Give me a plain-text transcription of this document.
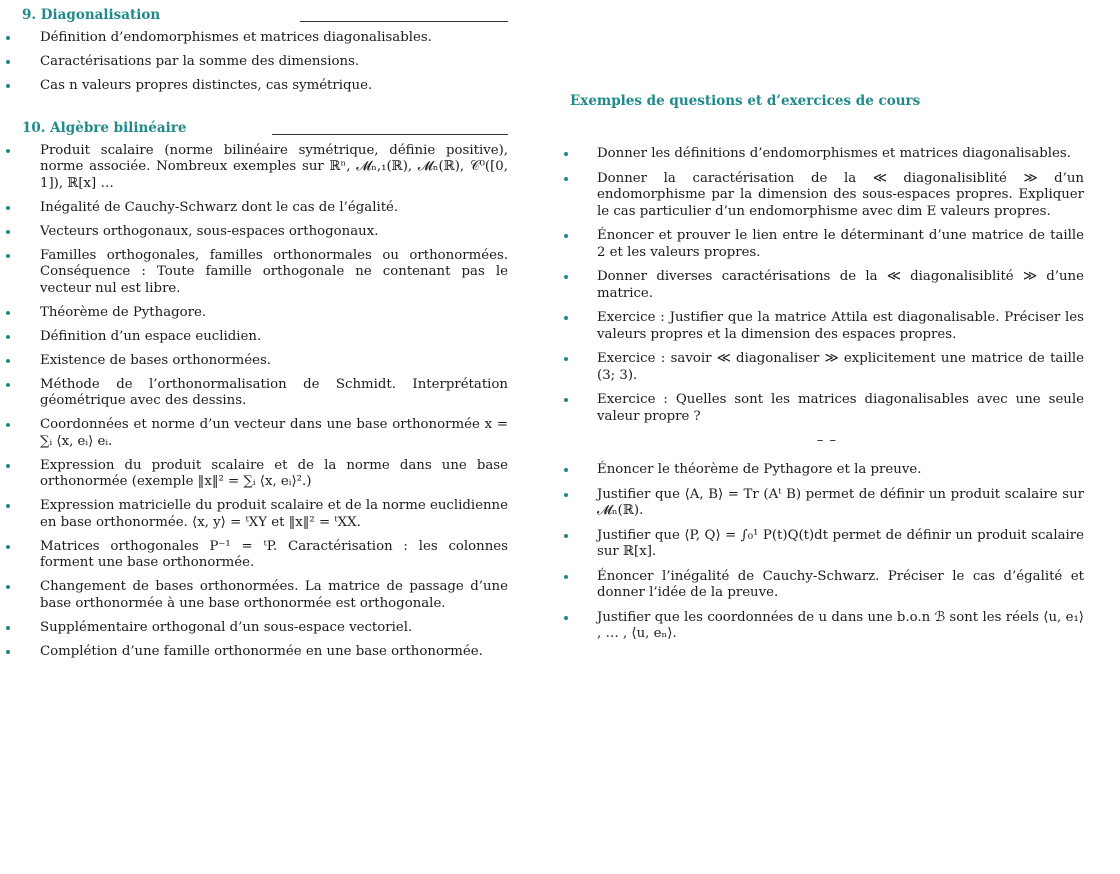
9. Diagonalisation
Définition d’endomorphismes et matrices diagonalisables.
Caractérisations par la somme des dimensions.
Cas n valeurs propres distinctes, cas symétrique.
10. Algèbre bilinéaire
Produit scalaire (norme bilinéaire symétrique, définie positive), norme associée. Nombreux exemples sur ℝⁿ, 𝓜ₙ,₁(ℝ), 𝓜ₙ(ℝ), 𝒞⁰([0, 1]), ℝ[x] …
Inégalité de Cauchy-Schwarz dont le cas de l’égalité.
Vecteurs orthogonaux, sous-espaces orthogonaux.
Familles orthogonales, familles orthonormales ou orthonormées. Conséquence : Toute famille orthogonale ne contenant pas le vecteur nul est libre.
Théorème de Pythagore.
Définition d’un espace euclidien.
Existence de bases orthonormées.
Méthode de l’orthonormalisation de Schmidt. Interprétation géométrique avec des dessins.
Coordonnées et norme d’un vecteur dans une base orthonormée x = ∑ᵢ ⟨x, eᵢ⟩ eᵢ.
Expression du produit scalaire et de la norme dans une base orthonormée (exemple ‖x‖² = ∑ᵢ ⟨x, eᵢ⟩².)
Expression matricielle du produit scalaire et de la norme euclidienne en base orthonormée. ⟨x, y⟩ = ᵗXY et ‖x‖² = ᵗXX.
Matrices orthogonales P⁻¹ = ᵗP. Caractérisation : les colonnes forment une base orthonormée.
Changement de bases orthonormées. La matrice de passage d’une base orthonormée à une base orthonormée est orthogonale.
Supplémentaire orthogonal d’un sous-espace vectoriel.
Complétion d’une famille orthonormée en une base orthonormée.
Exemples de questions et d’exercices de cours
Donner les définitions d’endomorphismes et matrices diagonalisables.
Donner la caractérisation de la ≪ diagonalisiblité ≫ d’un endomorphisme par la dimension des sous-espaces propres. Expliquer le cas particulier d’un endomorphisme avec dim E valeurs propres.
Énoncer et prouver le lien entre le déterminant d’une matrice de taille 2 et les valeurs propres.
Donner diverses caractérisations de la ≪ diagonalisiblité ≫ d’une matrice.
Exercice : Justifier que la matrice Attila est diagonalisable. Préciser les valeurs propres et la dimension des espaces propres.
Exercice : savoir ≪ diagonaliser ≫ explicitement une matrice de taille (3; 3).
Exercice : Quelles sont les matrices diagonalisables avec une seule valeur propre ?
– –
Énoncer le théorème de Pythagore et la preuve.
Justifier que ⟨A, B⟩ = Tr (Aᵗ B) permet de définir un produit scalaire sur 𝓜ₙ(ℝ).
Justifier que ⟨P, Q⟩ = ∫₀¹ P(t)Q(t)dt permet de définir un produit scalaire sur ℝ[x].
Énoncer l’inégalité de Cauchy-Schwarz. Préciser le cas d’égalité et donner l’idée de la preuve.
Justifier que les coordonnées de u dans une b.o.n ℬ sont les réels ⟨u, e₁⟩ , … , ⟨u, eₙ⟩.
